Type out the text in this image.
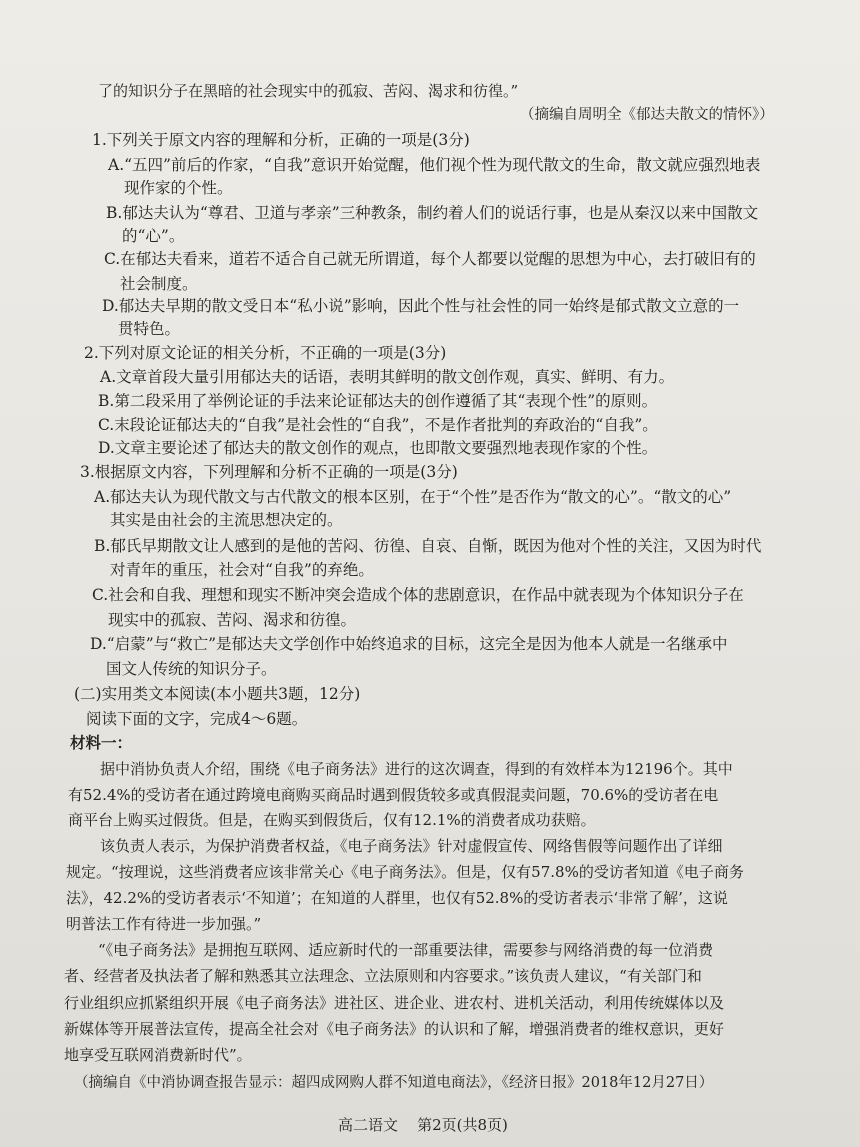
了的知识分子在黑暗的社会现实中的孤寂、苦闷、渴求和彷徨。”
（摘编自周明全《郁达夫散文的情怀》）
1.下列关于原文内容的理解和分析，正确的一项是(3分)
A.“五四”前后的作家，“自我”意识开始觉醒，他们视个性为现代散文的生命，散文就应强烈地表
现作家的个性。
B.郁达夫认为“尊君、卫道与孝亲”三种教条，制约着人们的说话行事，也是从秦汉以来中国散文
的“心”。
C.在郁达夫看来，道若不适合自己就无所谓道，每个人都要以觉醒的思想为中心，去打破旧有的
社会制度。
D.郁达夫早期的散文受日本“私小说”影响，因此个性与社会性的同一始终是郁式散文立意的一
贯特色。
2.下列对原文论证的相关分析，不正确的一项是(3分)
A.文章首段大量引用郁达夫的话语，表明其鲜明的散文创作观，真实、鲜明、有力。
B.第二段采用了举例论证的手法来论证郁达夫的创作遵循了其“表现个性”的原则。
C.末段论证郁达夫的“自我”是社会性的“自我”，不是作者批判的弃政治的“自我”。
D.文章主要论述了郁达夫的散文创作的观点，也即散文要强烈地表现作家的个性。
3.根据原文内容，下列理解和分析不正确的一项是(3分)
A.郁达夫认为现代散文与古代散文的根本区别，在于“个性”是否作为“散文的心”。“散文的心”
其实是由社会的主流思想决定的。
B.郁氏早期散文让人感到的是他的苦闷、彷徨、自哀、自惭，既因为他对个性的关注，又因为时代
对青年的重压，社会对“自我”的弃绝。
C.社会和自我、理想和现实不断冲突会造成个体的悲剧意识，在作品中就表现为个体知识分子在
现实中的孤寂、苦闷、渴求和彷徨。
D.“启蒙”与“救亡”是郁达夫文学创作中始终追求的目标，这完全是因为他本人就是一名继承中
国文人传统的知识分子。
(二)实用类文本阅读(本小题共3题，12分)
阅读下面的文字，完成4～6题。
材料一：
据中消协负责人介绍，围绕《电子商务法》进行的这次调查，得到的有效样本为12196个。其中
有52.4%的受访者在通过跨境电商购买商品时遇到假货较多或真假混卖问题，70.6%的受访者在电
商平台上购买过假货。但是，在购买到假货后，仅有12.1%的消费者成功获赔。
该负责人表示，为保护消费者权益，《电子商务法》针对虚假宣传、网络售假等问题作出了详细
规定。“按理说，这些消费者应该非常关心《电子商务法》。但是，仅有57.8%的受访者知道《电子商务
法》，42.2%的受访者表示‘不知道’；在知道的人群里，也仅有52.8%的受访者表示‘非常了解’，这说
明普法工作有待进一步加强。”
“《电子商务法》是拥抱互联网、适应新时代的一部重要法律，需要参与网络消费的每一位消费
者、经营者及执法者了解和熟悉其立法理念、立法原则和内容要求。”该负责人建议，“有关部门和
行业组织应抓紧组织开展《电子商务法》进社区、进企业、进农村、进机关活动，利用传统媒体以及
新媒体等开展普法宣传，提高全社会对《电子商务法》的认识和了解，增强消费者的维权意识，更好
地享受互联网消费新时代”。
（摘编自《中消协调查报告显示：超四成网购人群不知道电商法》，《经济日报》2018年12月27日）
高二语文    第2页(共8页)
